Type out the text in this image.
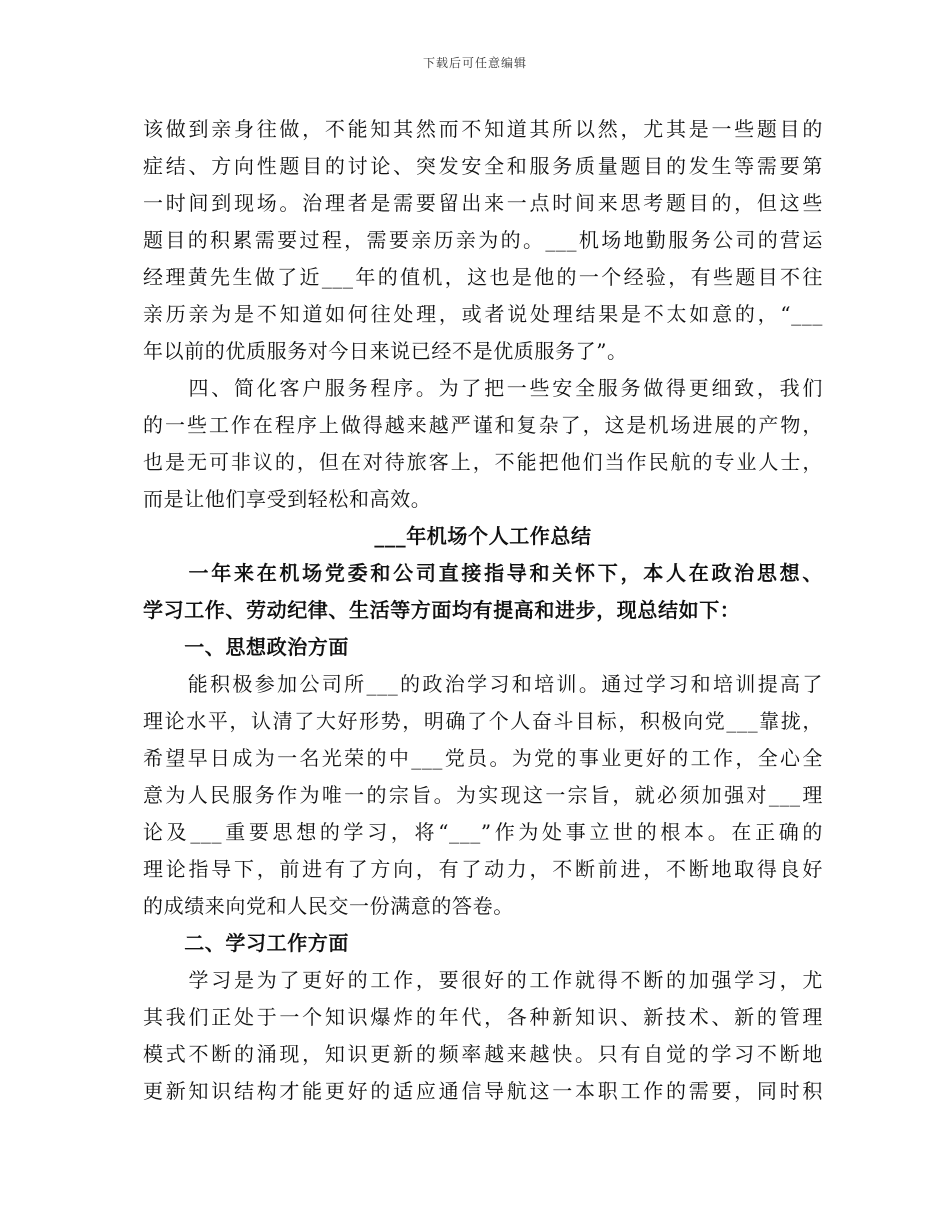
下载后可任意编辑
该做到亲身往做，不能知其然而不知道其所以然，尤其是一些题目的
症结、方向性题目的讨论、突发安全和服务质量题目的发生等需要第
一时间到现场。治理者是需要留出来一点时间来思考题目的，但这些
题目的积累需要过程，需要亲历亲为的。___机场地勤服务公司的营运
经理黄先生做了近___年的值机，这也是他的一个经验，有些题目不往
亲历亲为是不知道如何往处理，或者说处理结果是不太如意的，“___
年以前的优质服务对今日来说已经不是优质服务了”。
　　四、简化客户服务程序。为了把一些安全服务做得更细致，我们
的一些工作在程序上做得越来越严谨和复杂了，这是机场进展的产物，
也是无可非议的，但在对待旅客上，不能把他们当作民航的专业人士，
而是让他们享受到轻松和高效。
___年机场个人工作总结
　　一年来在机场党委和公司直接指导和关怀下，本人在政治思想、
学习工作、劳动纪律、生活等方面均有提高和进步，现总结如下：
　　一、思想政治方面
　　能积极参加公司所___的政治学习和培训。通过学习和培训提高了
理论水平，认清了大好形势，明确了个人奋斗目标，积极向党___靠拢，
希望早日成为一名光荣的中___党员。为党的事业更好的工作，全心全
意为人民服务作为唯一的宗旨。为实现这一宗旨，就必须加强对___理
论及___重要思想的学习，将“___”作为处事立世的根本。在正确的
理论指导下，前进有了方向，有了动力，不断前进，不断地取得良好
的成绩来向党和人民交一份满意的答卷。
　　二、学习工作方面
　　学习是为了更好的工作，要很好的工作就得不断的加强学习，尤
其我们正处于一个知识爆炸的年代，各种新知识、新技术、新的管理
模式不断的涌现，知识更新的频率越来越快。只有自觉的学习不断地
更新知识结构才能更好的适应通信导航这一本职工作的需要，同时积
